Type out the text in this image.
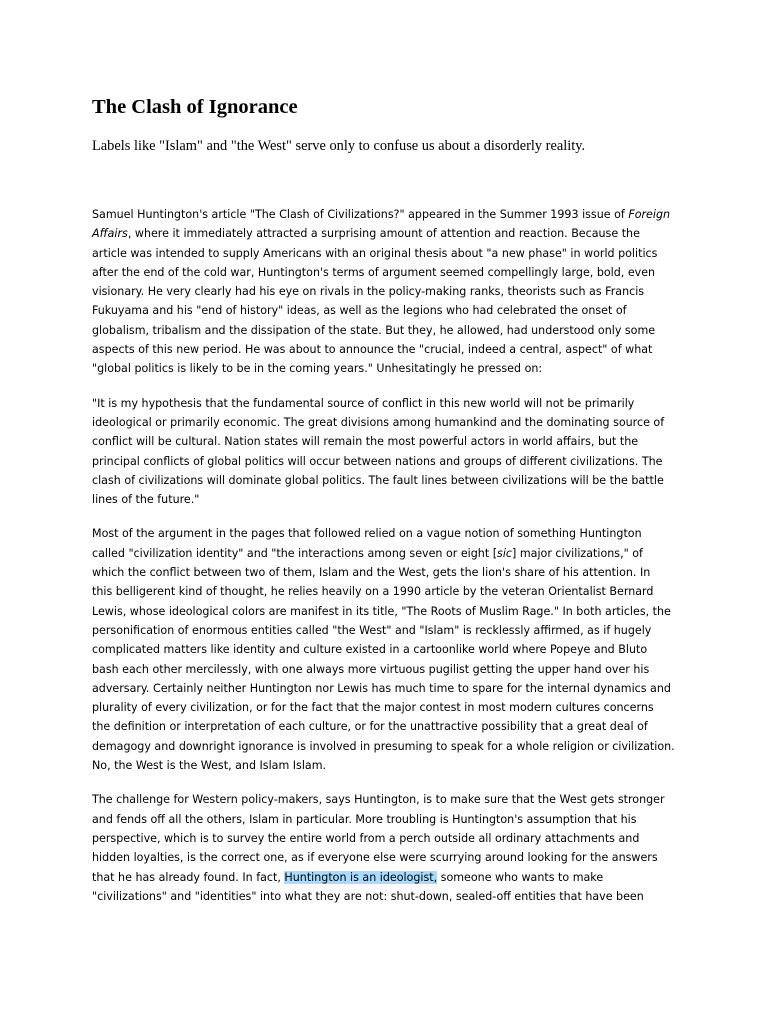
The Clash of Ignorance

Labels like "Islam" and "the West" serve only to confuse us about a disorderly reality.

Samuel Huntington's article "The Clash of Civilizations?" appeared in the Summer 1993 issue of Foreign
Affairs, where it immediately attracted a surprising amount of attention and reaction. Because the
article was intended to supply Americans with an original thesis about "a new phase" in world politics
after the end of the cold war, Huntington's terms of argument seemed compellingly large, bold, even
visionary. He very clearly had his eye on rivals in the policy-making ranks, theorists such as Francis
Fukuyama and his "end of history" ideas, as well as the legions who had celebrated the onset of
globalism, tribalism and the dissipation of the state. But they, he allowed, had understood only some
aspects of this new period. He was about to announce the "crucial, indeed a central, aspect" of what
"global politics is likely to be in the coming years." Unhesitatingly he pressed on:
"It is my hypothesis that the fundamental source of conflict in this new world will not be primarily
ideological or primarily economic. The great divisions among humankind and the dominating source of
conflict will be cultural. Nation states will remain the most powerful actors in world affairs, but the
principal conflicts of global politics will occur between nations and groups of different civilizations. The
clash of civilizations will dominate global politics. The fault lines between civilizations will be the battle
lines of the future."
Most of the argument in the pages that followed relied on a vague notion of something Huntington
called "civilization identity" and "the interactions among seven or eight [sic] major civilizations," of
which the conflict between two of them, Islam and the West, gets the lion's share of his attention. In
this belligerent kind of thought, he relies heavily on a 1990 article by the veteran Orientalist Bernard
Lewis, whose ideological colors are manifest in its title, "The Roots of Muslim Rage." In both articles, the
personification of enormous entities called "the West" and "Islam" is recklessly affirmed, as if hugely
complicated matters like identity and culture existed in a cartoonlike world where Popeye and Bluto
bash each other mercilessly, with one always more virtuous pugilist getting the upper hand over his
adversary. Certainly neither Huntington nor Lewis has much time to spare for the internal dynamics and
plurality of every civilization, or for the fact that the major contest in most modern cultures concerns
the definition or interpretation of each culture, or for the unattractive possibility that a great deal of
demagogy and downright ignorance is involved in presuming to speak for a whole religion or civilization.
No, the West is the West, and Islam Islam.
The challenge for Western policy-makers, says Huntington, is to make sure that the West gets stronger
and fends off all the others, Islam in particular. More troubling is Huntington's assumption that his
perspective, which is to survey the entire world from a perch outside all ordinary attachments and
hidden loyalties, is the correct one, as if everyone else were scurrying around looking for the answers
that he has already found. In fact, Huntington is an ideologist, someone who wants to make
"civilizations" and "identities" into what they are not: shut-down, sealed-off entities that have been
